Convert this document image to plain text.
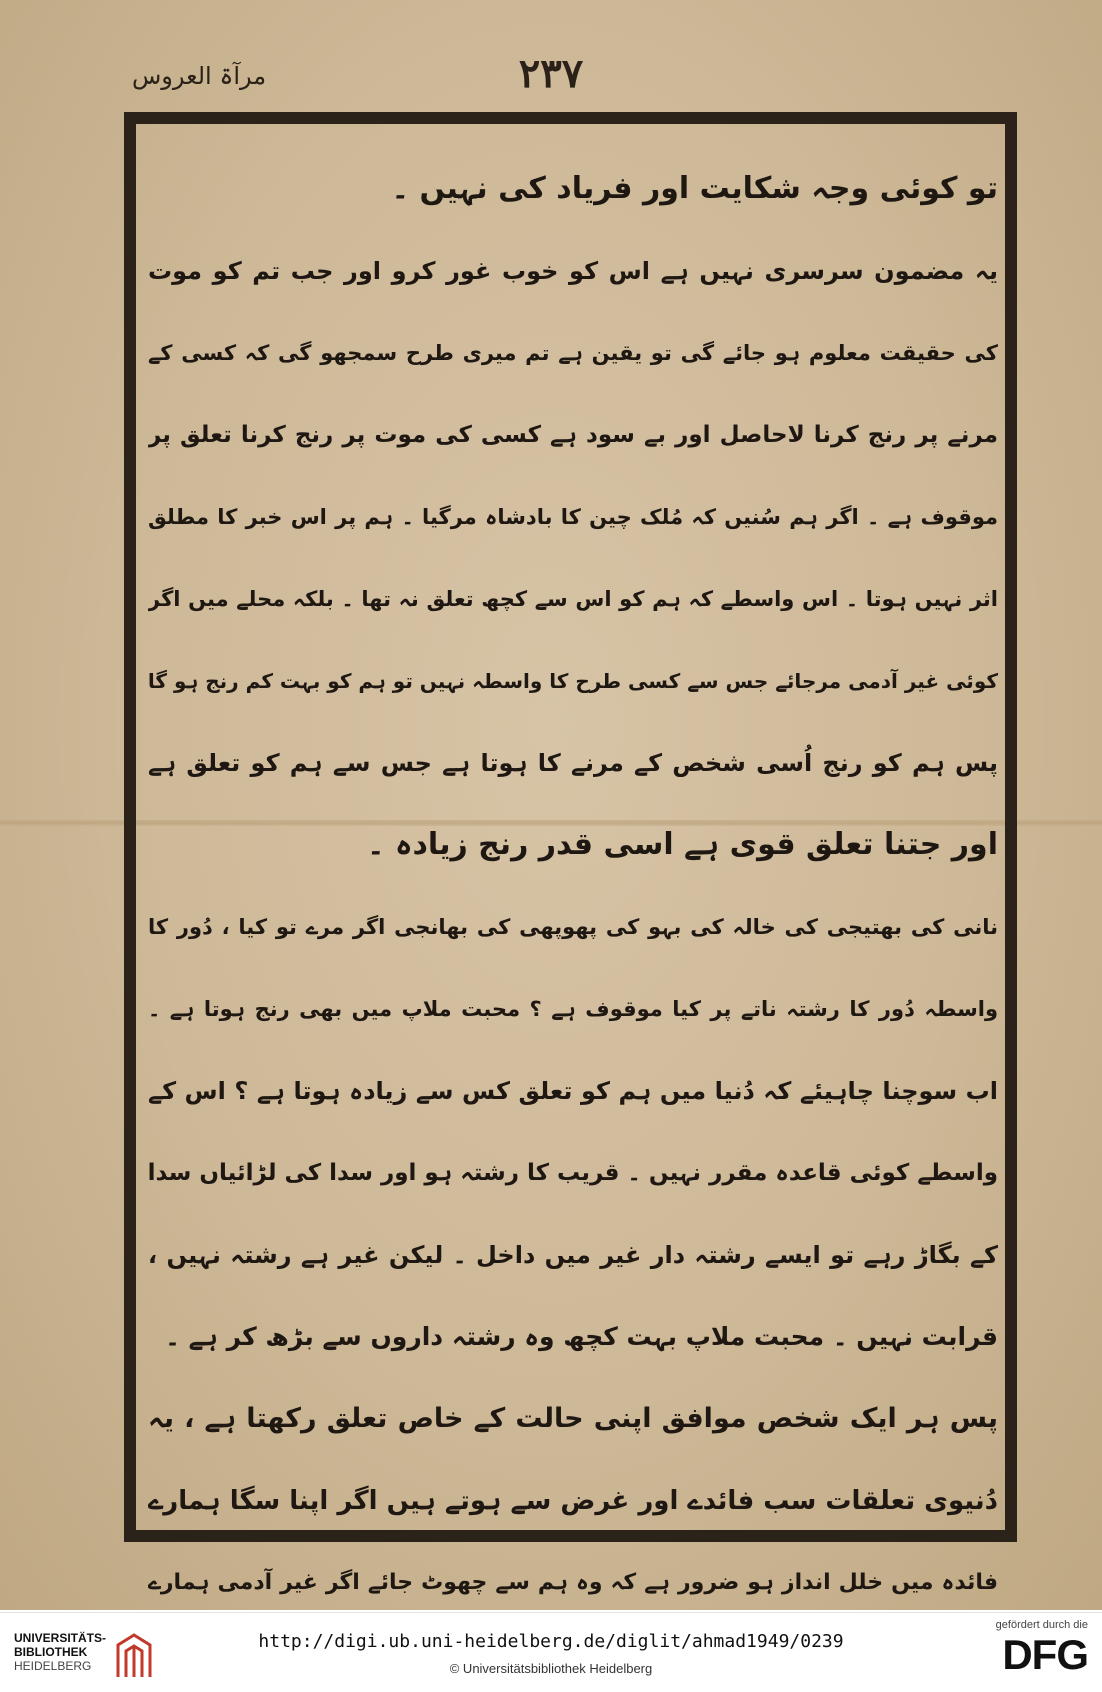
۲۳۷
مرآۃ العروس
تو کوئی وجہ شکایت اور فریاد کی نہیں ۔
یہ مضمون سرسری نہیں ہے اس کو خوب غور کرو اور جب تم کو موت
کی حقیقت معلوم ہو جائے گی تو یقین ہے تم میری طرح سمجھو گی کہ کسی کے
مرنے پر رنج کرنا لاحاصل اور بے سود ہے کسی کی موت پر رنج کرنا تعلق پر
موقوف ہے ۔ اگر ہم سُنیں کہ مُلک چین کا بادشاہ مرگیا ۔ ہم پر اس خبر کا مطلق
اثر نہیں ہوتا ۔ اس واسطے کہ ہم کو اس سے کچھ تعلق نہ تھا ۔ بلکہ محلے میں اگر
کوئی غیر آدمی مرجائے جس سے کسی طرح کا واسطہ نہیں تو ہم کو بہت کم رنج ہو گا
پس ہم کو رنج اُسی شخص کے مرنے کا ہوتا ہے جس سے ہم کو تعلق ہے
اور جتنا تعلق قوی ہے اسی قدر رنج زیادہ ۔
نانی کی بھتیجی کی خالہ کی بہو کی پھوپھی کی بھانجی اگر مرے تو کیا ، دُور کا
واسطہ دُور کا رشتہ ناتے پر کیا موقوف ہے ؟ محبت ملاپ میں بھی رنج ہوتا ہے ۔
اب سوچنا چاہیئے کہ دُنیا میں ہم کو تعلق کس سے زیادہ ہوتا ہے ؟ اس کے
واسطے کوئی قاعدہ مقرر نہیں ۔ قریب کا رشتہ ہو اور سدا کی لڑائیاں سدا
کے بگاڑ رہے تو ایسے رشتہ دار غیر میں داخل ۔ لیکن غیر ہے رشتہ نہیں ،
قرابت نہیں ۔ محبت ملاپ بہت کچھ وہ رشتہ داروں سے بڑھ کر ہے ۔
پس ہر ایک شخص موافق اپنی حالت کے خاص تعلق رکھتا ہے ، یہ
دُنیوی تعلقات سب فائدے اور غرض سے ہوتے ہیں اگر اپنا سگا ہمارے
فائدہ میں خلل انداز ہو ضرور ہے کہ وہ ہم سے چھوٹ جائے اگر غیر آدمی ہمارے
UNIVERSITÄTS-
BIBLIOTHEK
HEIDELBERG
http://digi.ub.uni-heidelberg.de/diglit/ahmad1949/0239
© Universitätsbibliothek Heidelberg
gefördert durch die
DFG
